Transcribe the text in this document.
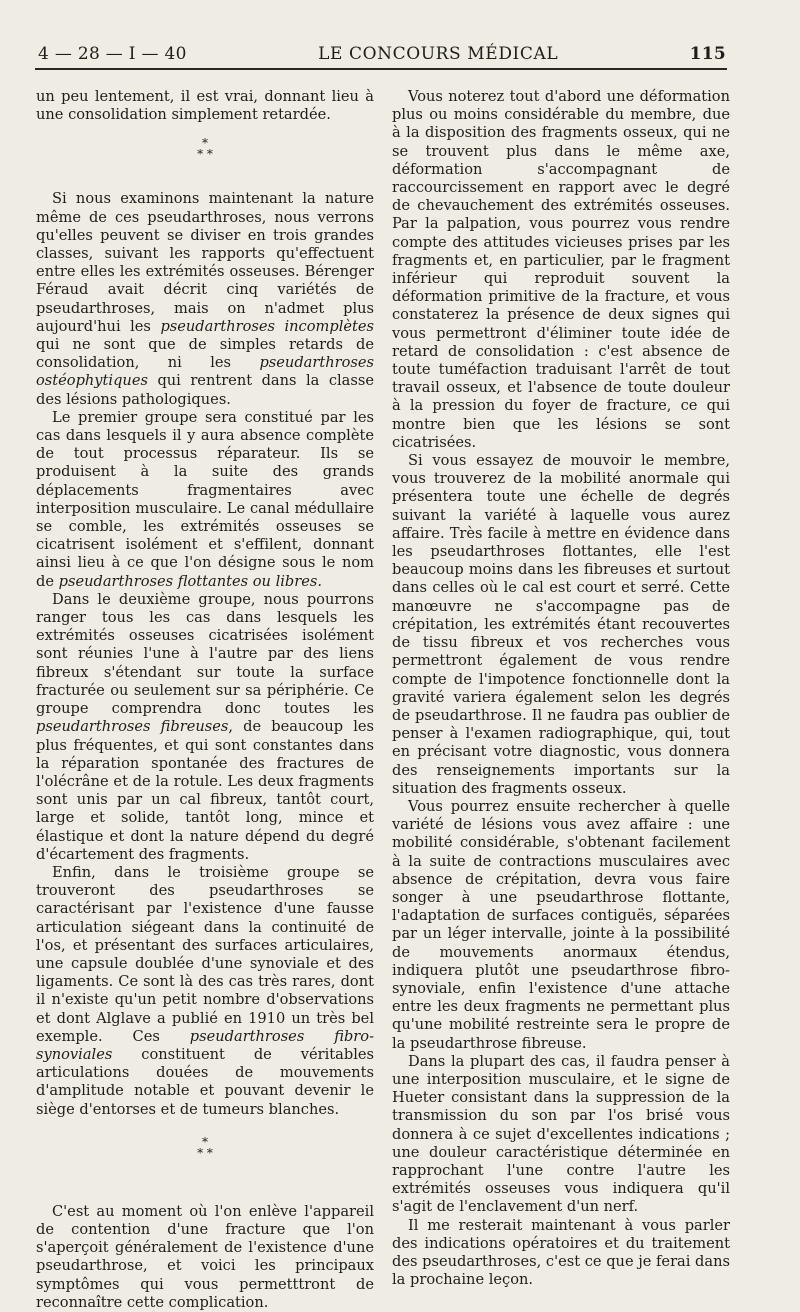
4 — 28 — I — 40	LE CONCOURS MÉDICAL	115

un peu lentement, il est vrai, donnant lieu à une consolidation simplement retardée.

*
* *

Si nous examinons maintenant la nature même de ces pseudarthroses, nous verrons qu'elles peuvent se diviser en trois grandes classes, suivant les rapports qu'effectuent entre elles les extrémités osseuses. Bérenger Féraud avait décrit cinq variétés de pseudarthroses, mais on n'admet plus aujourd'hui les pseudarthroses incomplètes qui ne sont que de simples retards de consolidation, ni les pseudarthroses ostéophytiques qui rentrent dans la classe des lésions pathologiques.

Le premier groupe sera constitué par les cas dans lesquels il y aura absence complète de tout processus réparateur. Ils se produisent à la suite des grands déplacements fragmentaires avec interposition musculaire. Le canal médullaire se comble, les extrémités osseuses se cicatrisent isolément et s'effilent, donnant ainsi lieu à ce que l'on désigne sous le nom de pseudarthroses flottantes ou libres.

Dans le deuxième groupe, nous pourrons ranger tous les cas dans lesquels les extrémités osseuses cicatrisées isolément sont réunies l'une à l'autre par des liens fibreux s'étendant sur toute la surface fracturée ou seulement sur sa périphérie. Ce groupe comprendra donc toutes les pseudarthroses fibreuses, de beaucoup les plus fréquentes, et qui sont constantes dans la réparation spontanée des fractures de l'olécrâne et de la rotule. Les deux fragments sont unis par un cal fibreux, tantôt court, large et solide, tantôt long, mince et élastique et dont la nature dépend du degré d'écartement des fragments.

Enfin, dans le troisième groupe se trouveront des pseudarthroses se caractérisant par l'existence d'une fausse articulation siégeant dans la continuité de l'os, et présentant des surfaces articulaires, une capsule doublée d'une synoviale et des ligaments. Ce sont là des cas très rares, dont il n'existe qu'un petit nombre d'observations et dont Alglave a publié en 1910 un très bel exemple. Ces pseudarthroses fibro-synoviales constituent de véritables articulations douées de mouvements d'amplitude notable et pouvant devenir le siège d'entorses et de tumeurs blanches.

*
* *

C'est au moment où l'on enlève l'appareil de contention d'une fracture que l'on s'aperçoit généralement de l'existence d'une pseudarthrose, et voici les principaux symptômes qui vous permetttront de reconnaître cette complication.

Vous noterez tout d'abord une déformation plus ou moins considérable du membre, due à la disposition des fragments osseux, qui ne se trouvent plus dans le même axe, déformation s'accompagnant de raccourcissement en rapport avec le degré de chevauchement des extrémités osseuses. Par la palpation, vous pourrez vous rendre compte des attitudes vicieuses prises par les fragments et, en particulier, par le fragment inférieur qui reproduit souvent la déformation primitive de la fracture, et vous constaterez la présence de deux signes qui vous permettront d'éliminer toute idée de retard de consolidation : c'est absence de toute tuméfaction traduisant l'arrêt de tout travail osseux, et l'absence de toute douleur à la pression du foyer de fracture, ce qui montre bien que les lésions se sont cicatrisées.

Si vous essayez de mouvoir le membre, vous trouverez de la mobilité anormale qui présentera toute une échelle de degrés suivant la variété à laquelle vous aurez affaire. Très facile à mettre en évidence dans les pseudarthroses flottantes, elle l'est beaucoup moins dans les fibreuses et surtout dans celles où le cal est court et serré. Cette manœuvre ne s'accompagne pas de crépitation, les extrémités étant recouvertes de tissu fibreux et vos recherches vous permettront également de vous rendre compte de l'impotence fonctionnelle dont la gravité variera également selon les degrés de pseudarthrose. Il ne faudra pas oublier de penser à l'examen radiographique, qui, tout en précisant votre diagnostic, vous donnera des renseignements importants sur la situation des fragments osseux.

Vous pourrez ensuite rechercher à quelle variété de lésions vous avez affaire : une mobilité considérable, s'obtenant facilement à la suite de contractions musculaires avec absence de crépitation, devra vous faire songer à une pseudarthrose flottante, l'adaptation de surfaces contiguës, séparées par un léger intervalle, jointe à la possibilité de mouvements anormaux étendus, indiquera plutôt une pseudarthrose fibro-synoviale, enfin l'existence d'une attache entre les deux fragments ne permettant plus qu'une mobilité restreinte sera le propre de la pseudarthrose fibreuse.

Dans la plupart des cas, il faudra penser à une interposition musculaire, et le signe de Hueter consistant dans la suppression de la transmission du son par l'os brisé vous donnera à ce sujet d'excellentes indications ; une douleur caractéristique déterminée en rapprochant l'une contre l'autre les extrémités osseuses vous indiquera qu'il s'agit de l'enclavement d'un nerf.

Il me resterait maintenant à vous parler des indications opératoires et du traitement des pseudarthroses, c'est ce que je ferai dans la prochaine leçon.
